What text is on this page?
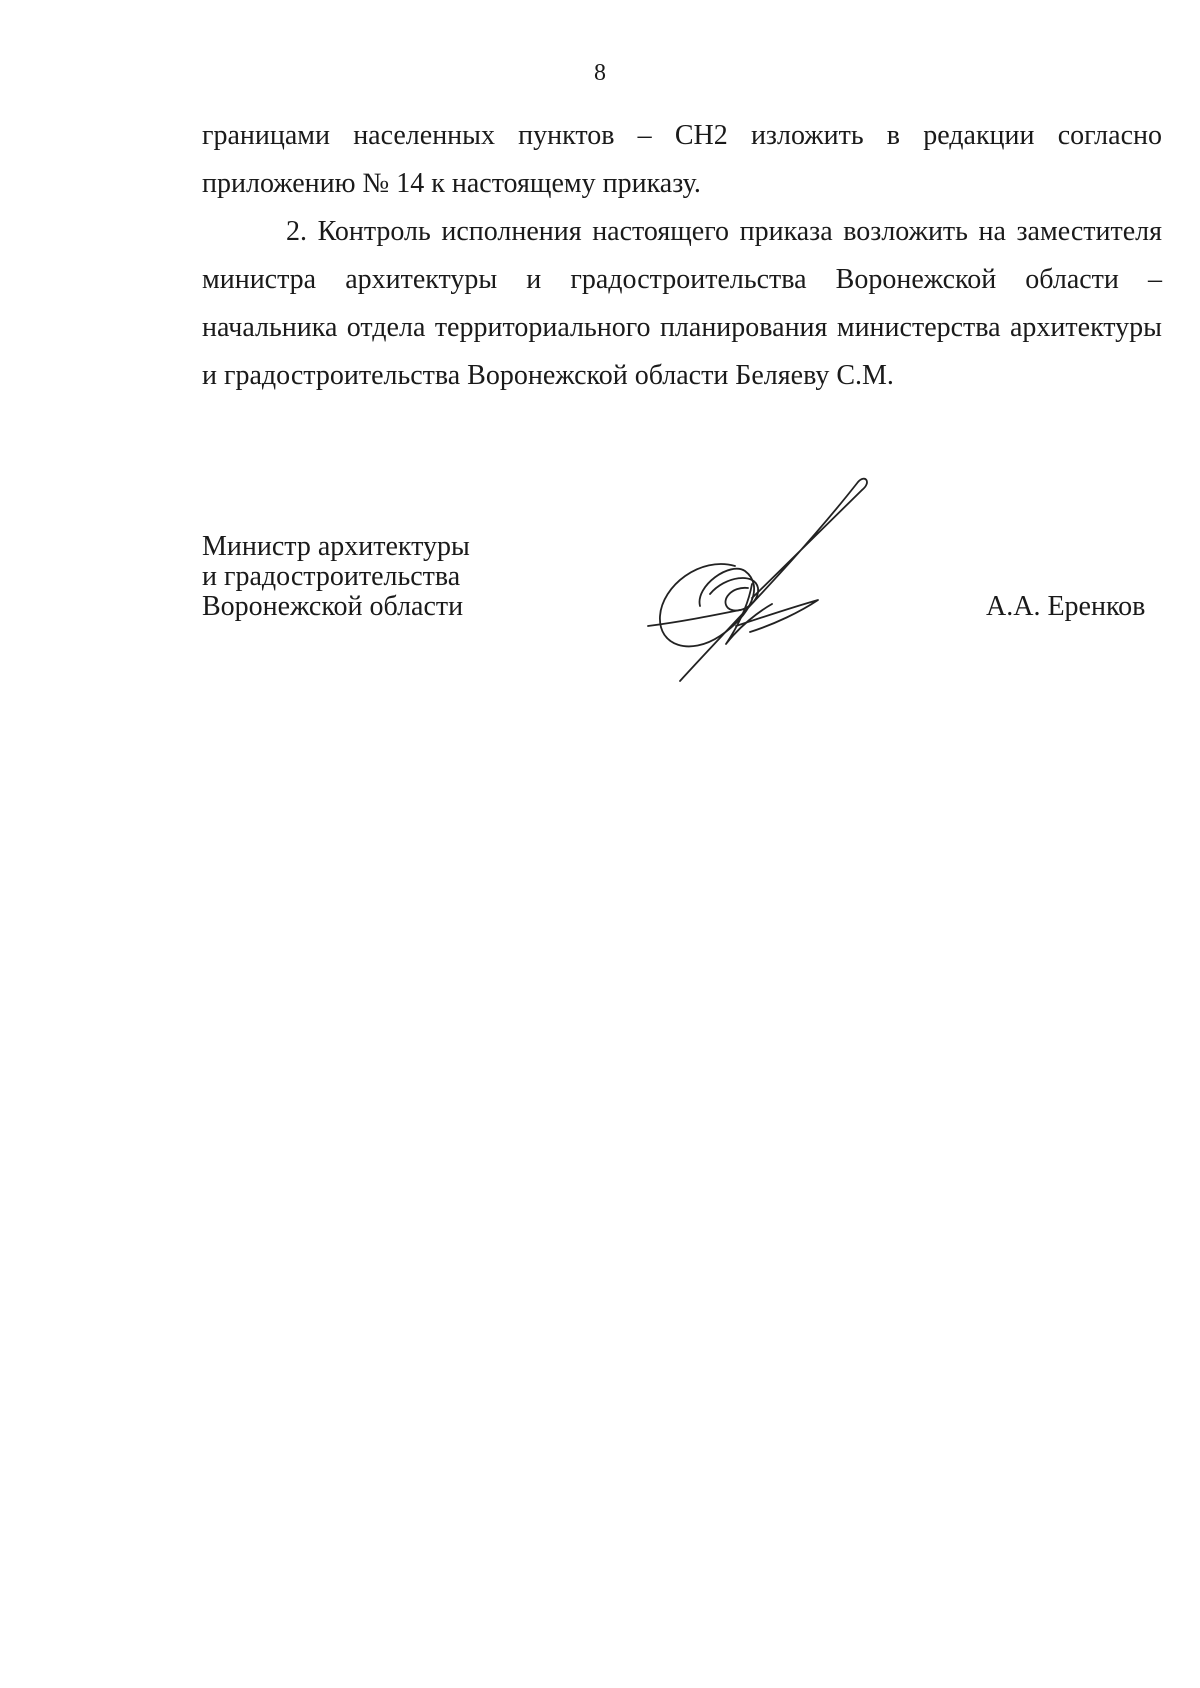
8

границами населенных пунктов – СН2 изложить в редакции согласно приложению № 14 к настоящему приказу.

2. Контроль исполнения настоящего приказа возложить на заместителя министра архитектуры и градостроительства Воронежской области – начальника отдела территориального планирования министерства архитектуры и градостроительства Воронежской области Беляеву С.М.

Министр архитектуры
и градостроительства
Воронежской области	А.А. Еренков
